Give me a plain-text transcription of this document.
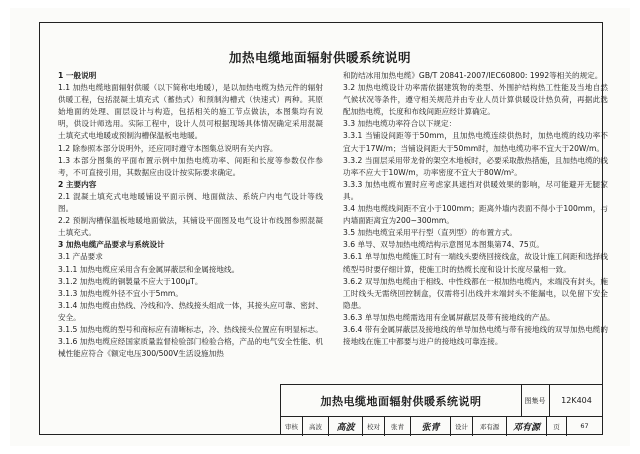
加热电缆地面辐射供暖系统说明

1 一般说明

1.1 加热电缆地面辐射供暖（以下简称电地暖），是以加热电缆为热元件的辐射供暖工程，包括混凝土填充式（蓄热式）和预制沟槽式（快速式）两种。其原始地面的处理、面层设计与构造，包括相关的施工节点做法，本图集均有说明，供设计师选用。实际工程中，设计人员可根据现场具体情况确定采用混凝土填充式电地暖或预制沟槽保温板电地暖。

1.2 除参照本部分说明外，还应同时遵守本图集总说明有关内容。

1.3 本部分图集的平面布置示例中加热电缆功率、间距和长度等参数仅作参考，不可直接引用，其数据应由设计按实际要求确定。

2 主要内容

2.1 混凝土填充式电地暖铺设平面示例、地面做法、系统户内电气设计等线图。

2.2 预制沟槽保温板地暖地面做法，其铺设平面图及电气设计布线图参照混凝土填充式。

3 加热电缆产品要求与系统设计

3.1 产品要求

3.1.1 加热电缆应采用含有金属屏蔽层和金属接地线。

3.1.2 加热电缆的铜製量不应大于100μT。

3.1.3 加热电缆外径不宜小于5mm。

3.1.4 加热电缆由热线、冷线和冷、热线接头组成一体，其接头应可靠、密封、安全。

3.1.5 加热电缆的型号和商标应有清晰标志，冷、热线接头位置应有明显标志。

3.1.6 加热电缆应经国家质量监督检验部门检验合格，产品的电气安全性能、机械性能应符合《额定电压300/500V生活设施加热

和防结冰用加热电缆》GB/T 20841-2007/IEC60800: 1992等相关的规定。

3.2 加热电缆设计功率需依据建筑物的类型、外围护结构热工性能及当地自然气候状况等条件，遵守相关规范并由专业人员计算供暖设计热负荷，再据此选配加热电缆，长度和布线间距应经计算确定。

3.3 加热电缆功率符合以下规定：

3.3.1 当铺设间距等于50mm，且加热电缆连续供热时，加热电缆的线功率不宜大于17W/m；当铺设间距大于50mm时，加热电缆功率不宜大于20W/m。

3.3.2 当面层采用带龙骨的架空木地板时，必要采取散热措施，且加热电缆的线功率不应大于10W/m，功率密度不宜大于80W/m²。

3.3.3 加热电缆布置时应考虑家具遮挡对供暖效果的影响，尽可能避开无腿家具。

3.4 加热电缆线间距不宜小于100mm；距离外墙内表面不得小于100mm，与内墙面距离宜为200~300mm。

3.5 加热电缆宜采用平行型（直列型）的布置方式。

3.6 单导、双导加热电缆结构示意图见本图集第74、75页。

3.6.1 单导加热电缆施工时有一端线头要绕回接线盒，故设计施工间距和选择线缆型号时要仔细计算，使施工时的热缆长度和设计长度尽量相一致。

3.6.2 双导加热电缆由于相线、中性线都在一根加热电缆内，末端没有封头，施工时线头无需绕回控制盒，仅需将引出线并末端封头不能漏电，以免留下安全隐患。

3.6.3 单导加热电缆需选用有金属屏蔽层及带有接地线的产品。

3.6.4 带有金属屏蔽层及接地线的单导加热电缆与带有接地线的双导加热电缆的接地线在施工中都要与进户的接地线可靠连接。

加热电缆地面辐射供暖系统说明	图集号	12K404
审核	高波	高波	校对	张青	张青	设计	邓有源	邓有源	页	67
